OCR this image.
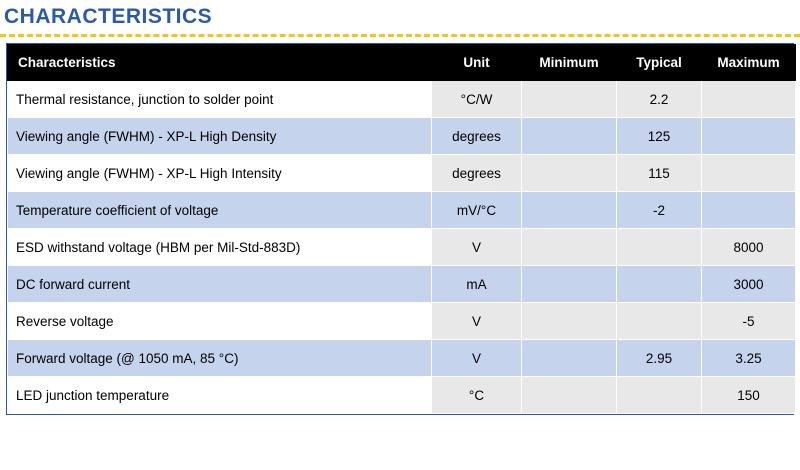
CHARACTERISTICS
Characteristics	Unit	Minimum	Typical	Maximum
Thermal resistance, junction to solder point	°C/W		2.2	
Viewing angle (FWHM) - XP-L High Density	degrees		125	
Viewing angle (FWHM) - XP-L High Intensity	degrees		115	
Temperature coefficient of voltage	mV/°C		-2	
ESD withstand voltage (HBM per Mil-Std-883D)	V			8000
DC forward current	mA			3000
Reverse voltage	V			-5
Forward voltage (@ 1050 mA, 85 °C)	V		2.95	3.25
LED junction temperature	°C			150
